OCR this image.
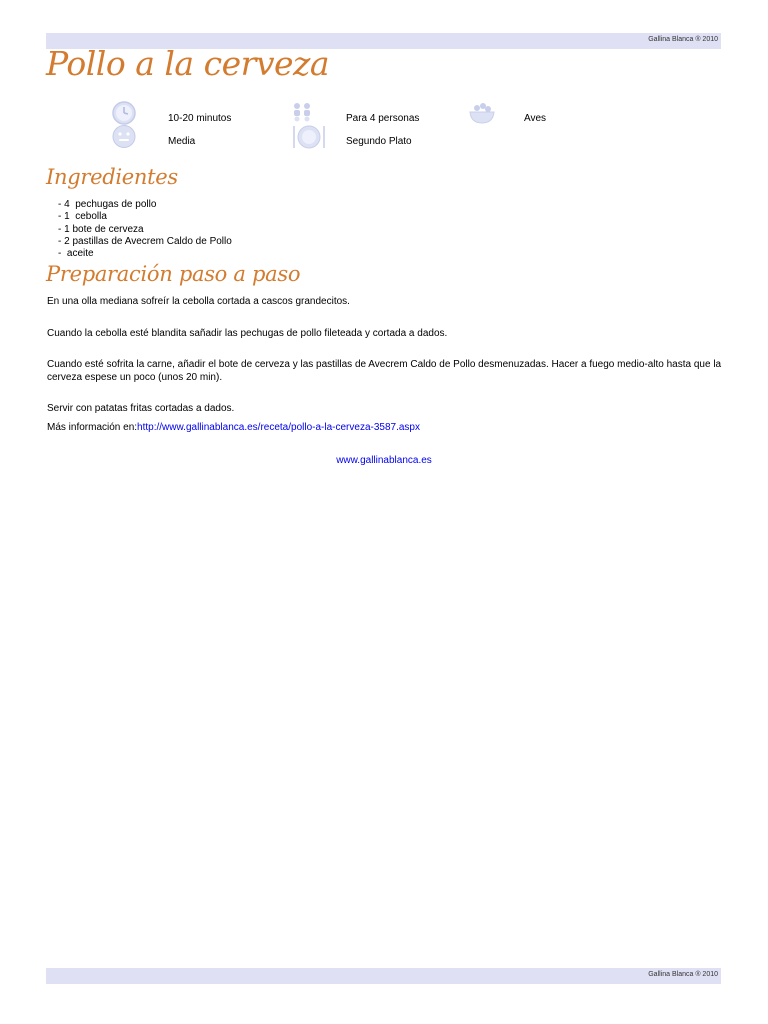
Gallina Blanca ® 2010
Pollo a la cerveza
10-20 minutos
Media
Para 4 personas
Segundo Plato
Aves
Ingredientes
- 4  pechugas de pollo
- 1  cebolla
- 1 bote de cerveza
- 2 pastillas de Avecrem Caldo de Pollo
-  aceite
Preparación paso a paso
En una olla mediana sofreír la cebolla cortada a cascos grandecitos.
Cuando la cebolla esté blandita sañadir las pechugas de pollo fileteada y cortada a dados.
Cuando esté sofrita la carne, añadir el bote de cerveza y las pastillas de Avecrem Caldo de Pollo desmenuzadas. Hacer a fuego medio-alto hasta que la cerveza espese un poco (unos 20 min).
Servir con patatas fritas cortadas a dados.
Más información en:http://www.gallinablanca.es/receta/pollo-a-la-cerveza-3587.aspx
www.gallinablanca.es
Gallina Blanca ® 2010
